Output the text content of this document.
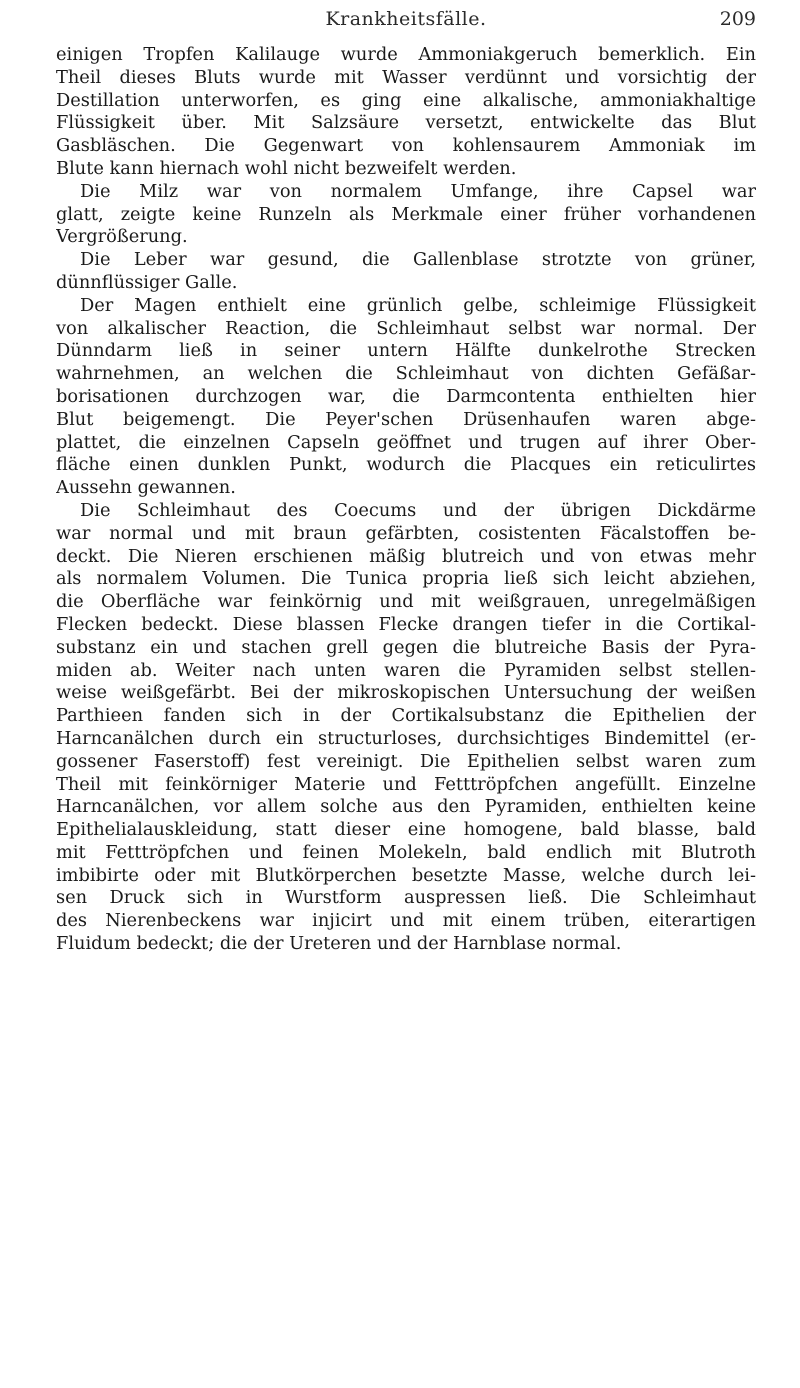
Krankheitsfälle.	209
einigen Tropfen Kalilauge wurde Ammoniakgeruch bemerklich. Ein
Theil dieses Bluts wurde mit Wasser verdünnt und vorsichtig der
Destillation unterworfen, es ging eine alkalische, ammoniakhaltige
Flüssigkeit über. Mit Salzsäure versetzt, entwickelte das Blut
Gasbläschen. Die Gegenwart von kohlensaurem Ammoniak im
Blute kann hiernach wohl nicht bezweifelt werden.
Die Milz war von normalem Umfange, ihre Capsel war
glatt, zeigte keine Runzeln als Merkmale einer früher vorhandenen
Vergrößerung.
Die Leber war gesund, die Gallenblase strotzte von grüner,
dünnflüssiger Galle.
Der Magen enthielt eine grünlich gelbe, schleimige Flüssigkeit
von alkalischer Reaction, die Schleimhaut selbst war normal. Der
Dünndarm ließ in seiner untern Hälfte dunkelrothe Strecken
wahrnehmen, an welchen die Schleimhaut von dichten Gefäßar-
borisationen durchzogen war, die Darmcontenta enthielten hier
Blut beigemengt. Die Peyer'schen Drüsenhaufen waren abge-
plattet, die einzelnen Capseln geöffnet und trugen auf ihrer Ober-
fläche einen dunklen Punkt, wodurch die Placques ein reticulirtes
Aussehn gewannen.
Die Schleimhaut des Coecums und der übrigen Dickdärme
war normal und mit braun gefärbten, cosistenten Fäcalstoffen be-
deckt. Die Nieren erschienen mäßig blutreich und von etwas mehr
als normalem Volumen. Die Tunica propria ließ sich leicht abziehen,
die Oberfläche war feinkörnig und mit weißgrauen, unregelmäßigen
Flecken bedeckt. Diese blassen Flecke drangen tiefer in die Cortikal-
substanz ein und stachen grell gegen die blutreiche Basis der Pyra-
miden ab. Weiter nach unten waren die Pyramiden selbst stellen-
weise weißgefärbt. Bei der mikroskopischen Untersuchung der weißen
Parthieen fanden sich in der Cortikalsubstanz die Epithelien der
Harncanälchen durch ein structurloses, durchsichtiges Bindemittel (er-
gossener Faserstoff) fest vereinigt. Die Epithelien selbst waren zum
Theil mit feinkörniger Materie und Fetttröpfchen angefüllt. Einzelne
Harncanälchen, vor allem solche aus den Pyramiden, enthielten keine
Epithelialauskleidung, statt dieser eine homogene, bald blasse, bald
mit Fetttröpfchen und feinen Molekeln, bald endlich mit Blutroth
imbibirte oder mit Blutkörperchen besetzte Masse, welche durch lei-
sen Druck sich in Wurstform auspressen ließ. Die Schleimhaut
des Nierenbeckens war injicirt und mit einem trüben, eiterartigen
Fluidum bedeckt; die der Ureteren und der Harnblase normal.
